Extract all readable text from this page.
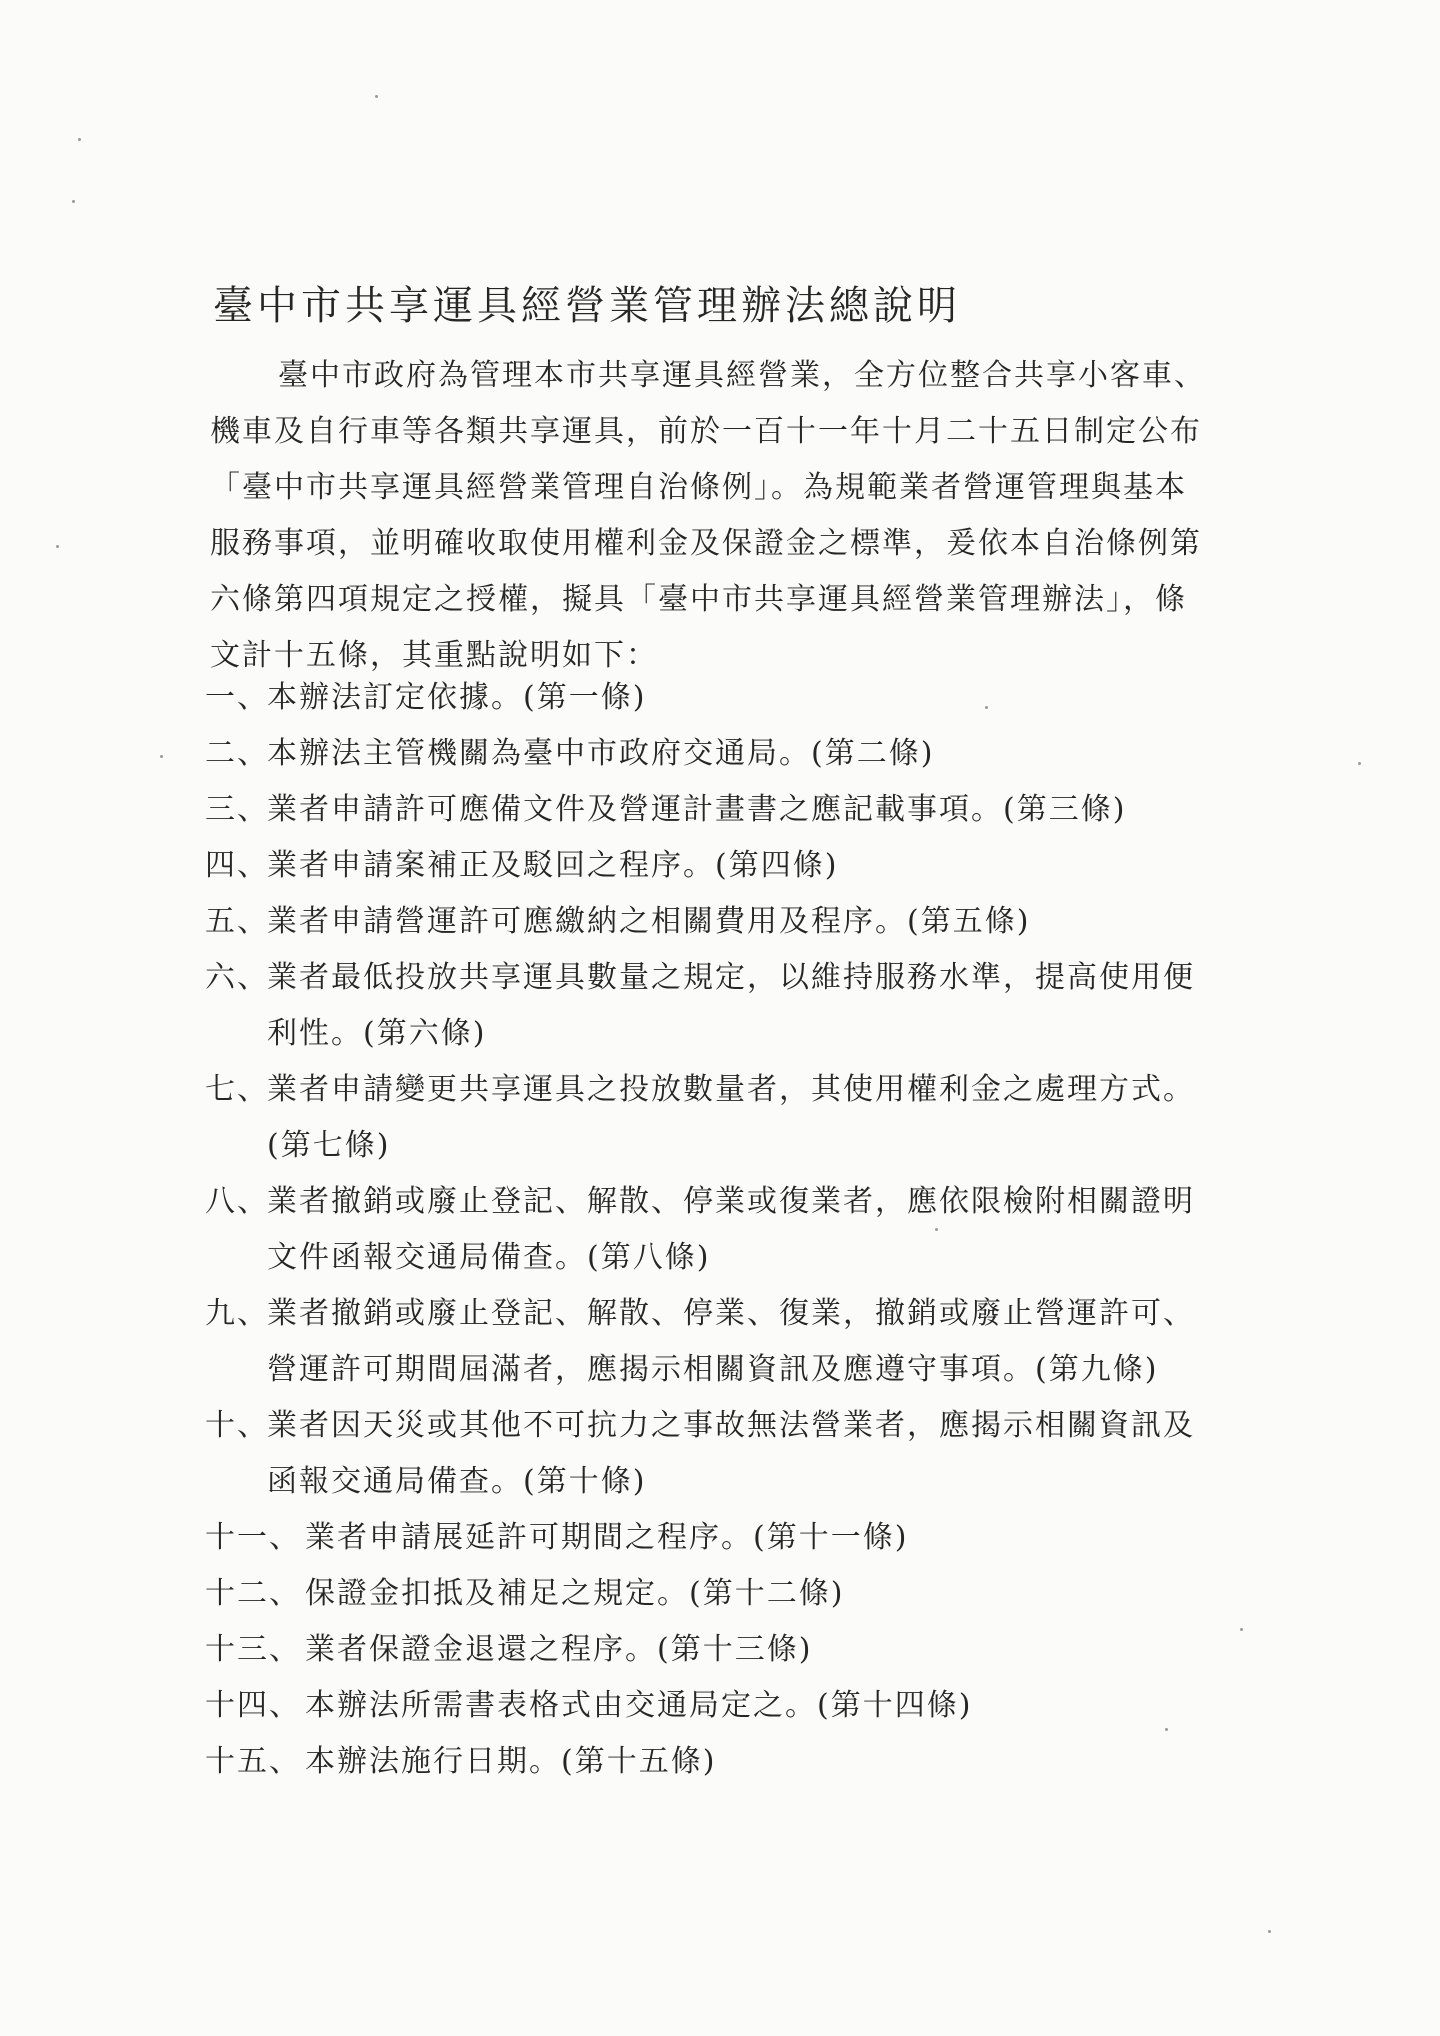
臺中市共享運具經營業管理辦法總說明
臺中市政府為管理本市共享運具經營業，全方位整合共享小客車、
機車及自行車等各類共享運具，前於一百十一年十月二十五日制定公布
「臺中市共享運具經營業管理自治條例」。為規範業者營運管理與基本
服務事項，並明確收取使用權利金及保證金之標準，爰依本自治條例第
六條第四項規定之授權，擬具「臺中市共享運具經營業管理辦法」，條
文計十五條，其重點說明如下：
一、
本辦法訂定依據。(第一條)
二、
本辦法主管機關為臺中市政府交通局。(第二條)
三、
業者申請許可應備文件及營運計畫書之應記載事項。(第三條)
四、
業者申請案補正及駁回之程序。(第四條)
五、
業者申請營運許可應繳納之相關費用及程序。(第五條)
六、
業者最低投放共享運具數量之規定，以維持服務水準，提高使用便利性。(第六條)
七、
業者申請變更共享運具之投放數量者，其使用權利金之處理方式。(第七條)
八、
業者撤銷或廢止登記、解散、停業或復業者，應依限檢附相關證明文件函報交通局備查。(第八條)
九、
業者撤銷或廢止登記、解散、停業、復業，撤銷或廢止營運許可、營運許可期間屆滿者，應揭示相關資訊及應遵守事項。(第九條)
十、
業者因天災或其他不可抗力之事故無法營業者，應揭示相關資訊及函報交通局備查。(第十條)
十一、 業者申請展延許可期間之程序。(第十一條)
十二、 保證金扣抵及補足之規定。(第十二條)
十三、 業者保證金退還之程序。(第十三條)
十四、 本辦法所需書表格式由交通局定之。(第十四條)
十五、 本辦法施行日期。(第十五條)
